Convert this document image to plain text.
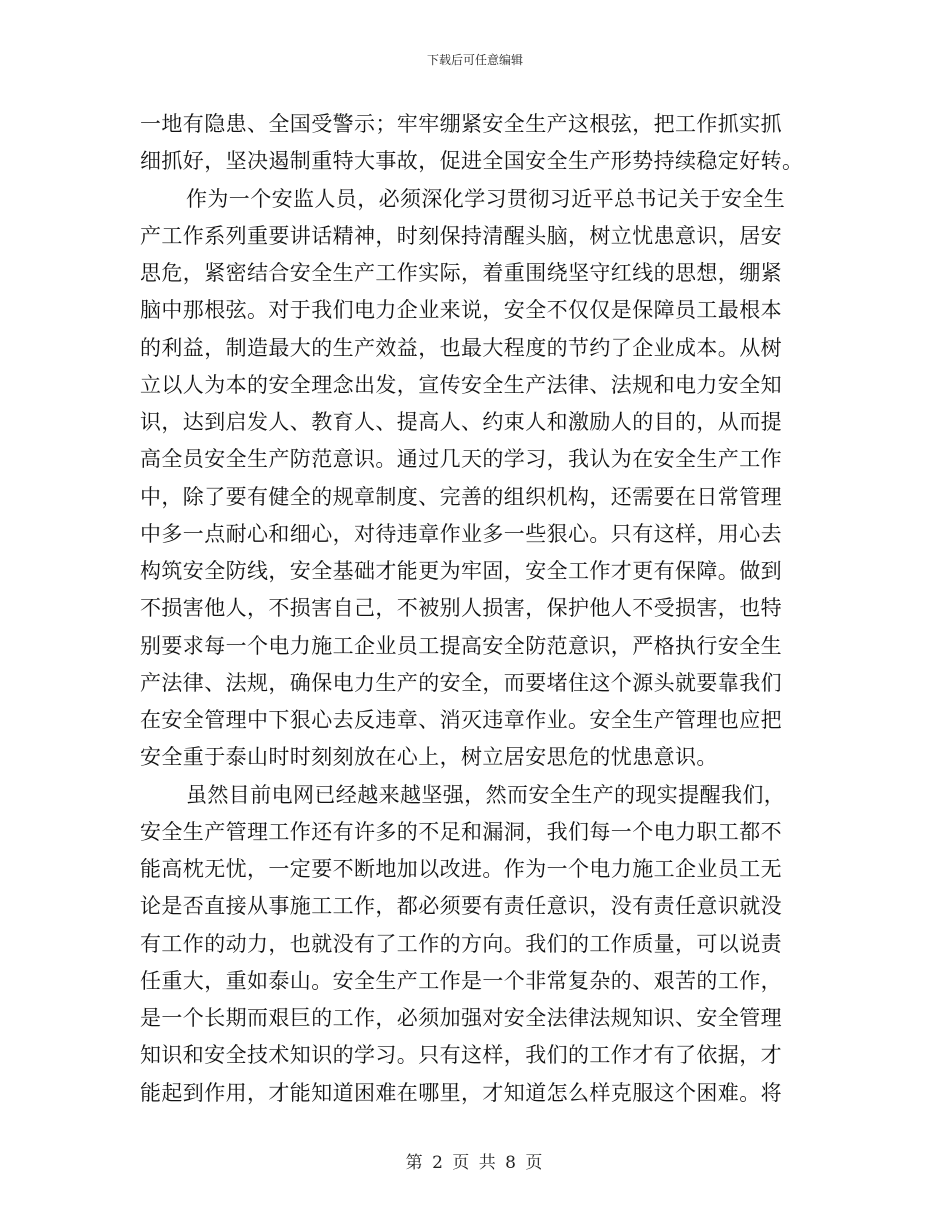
下载后可任意编辑
一地有隐患、全国受警示；牢牢绷紧安全生产这根弦，把工作抓实抓
细抓好，坚决遏制重特大事故，促进全国安全生产形势持续稳定好转。
作为一个安监人员，必须深化学习贯彻习近平总书记关于安全生
产工作系列重要讲话精神，时刻保持清醒头脑，树立忧患意识，居安
思危，紧密结合安全生产工作实际，着重围绕坚守红线的思想，绷紧
脑中那根弦。对于我们电力企业来说，安全不仅仅是保障员工最根本
的利益，制造最大的生产效益，也最大程度的节约了企业成本。从树
立以人为本的安全理念出发，宣传安全生产法律、法规和电力安全知
识，达到启发人、教育人、提高人、约束人和激励人的目的，从而提
高全员安全生产防范意识。通过几天的学习，我认为在安全生产工作
中，除了要有健全的规章制度、完善的组织机构，还需要在日常管理
中多一点耐心和细心，对待违章作业多一些狠心。只有这样，用心去
构筑安全防线，安全基础才能更为牢固，安全工作才更有保障。做到
不损害他人，不损害自己，不被别人损害，保护他人不受损害，也特
别要求每一个电力施工企业员工提高安全防范意识，严格执行安全生
产法律、法规，确保电力生产的安全，而要堵住这个源头就要靠我们
在安全管理中下狠心去反违章、消灭违章作业。安全生产管理也应把
安全重于泰山时时刻刻放在心上，树立居安思危的忧患意识。
虽然目前电网已经越来越坚强，然而安全生产的现实提醒我们，
安全生产管理工作还有许多的不足和漏洞，我们每一个电力职工都不
能高枕无忧，一定要不断地加以改进。作为一个电力施工企业员工无
论是否直接从事施工工作，都必须要有责任意识，没有责任意识就没
有工作的动力，也就没有了工作的方向。我们的工作质量，可以说责
任重大，重如泰山。安全生产工作是一个非常复杂的、艰苦的工作，
是一个长期而艰巨的工作，必须加强对安全法律法规知识、安全管理
知识和安全技术知识的学习。只有这样，我们的工作才有了依据，才
能起到作用，才能知道困难在哪里，才知道怎么样克服这个困难。将
第 2 页 共 8 页
